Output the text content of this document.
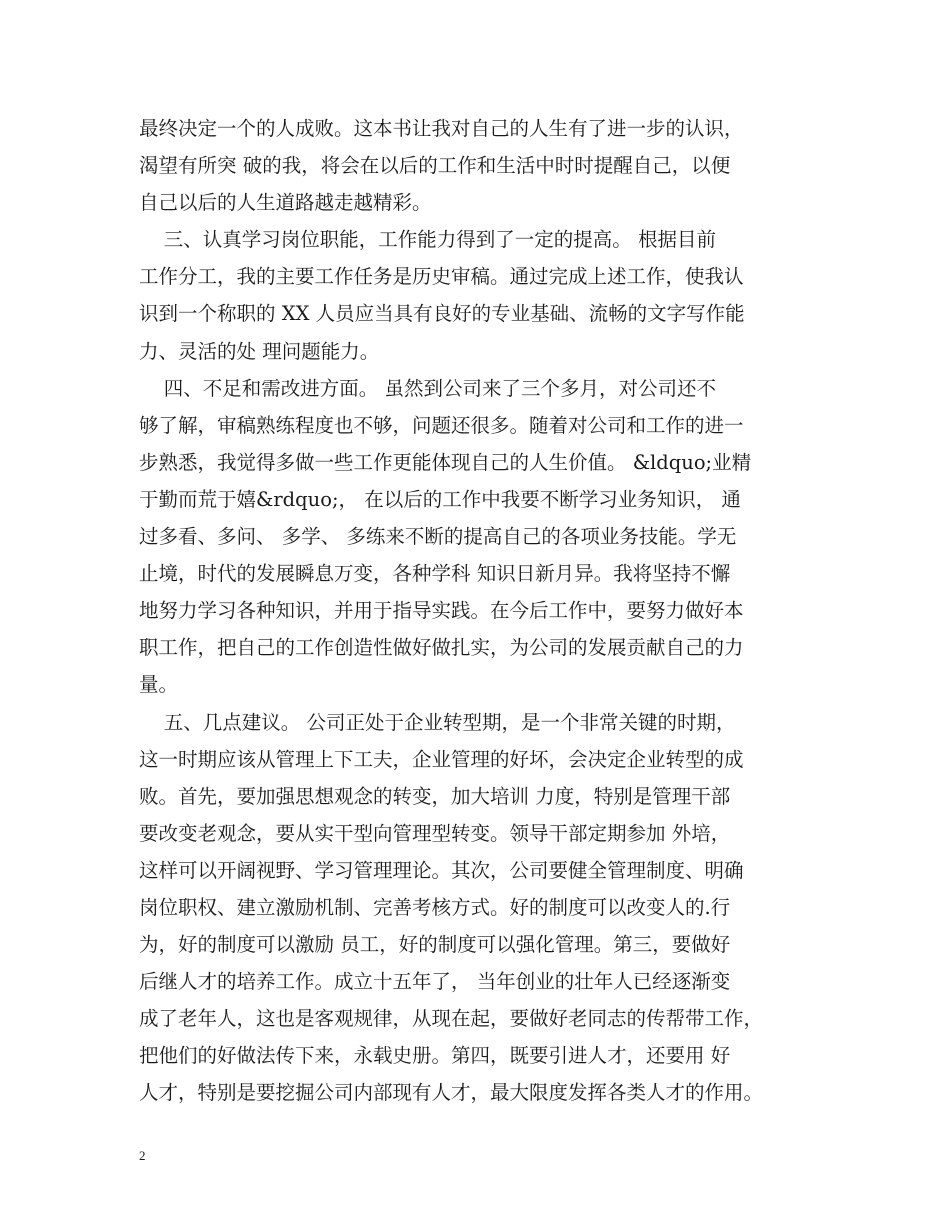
最终决定一个的人成败。这本书让我对自己的人生有了进一步的认识，
渴望有所突 破的我，将会在以后的工作和生活中时时提醒自己，以便
自己以后的人生道路越走越精彩。
三、认真学习岗位职能，工作能力得到了一定的提高。 根据目前
工作分工，我的主要工作任务是历史审稿。通过完成上述工作，使我认
识到一个称职的 XX 人员应当具有良好的专业基础、流畅的文字写作能
力、灵活的处 理问题能力。
四、不足和需改进方面。 虽然到公司来了三个多月，对公司还不
够了解，审稿熟练程度也不够，问题还很多。随着对公司和工作的进一
步熟悉，我觉得多做一些工作更能体现自己的人生价值。 &ldquo;业精
于勤而荒于嬉&rdquo;， 在以后的工作中我要不断学习业务知识， 通
过多看、多问、 多学、 多练来不断的提高自己的各项业务技能。学无
止境，时代的发展瞬息万变，各种学科 知识日新月异。我将坚持不懈
地努力学习各种知识，并用于指导实践。在今后工作中，要努力做好本
职工作，把自己的工作创造性做好做扎实，为公司的发展贡献自己的力
量。
五、几点建议。 公司正处于企业转型期，是一个非常关键的时期，
这一时期应该从管理上下工夫，企业管理的好坏，会决定企业转型的成
败。首先，要加强思想观念的转变，加大培训 力度，特别是管理干部
要改变老观念，要从实干型向管理型转变。领导干部定期参加 外培，
这样可以开阔视野、学习管理理论。其次，公司要健全管理制度、明确
岗位职权、建立激励机制、完善考核方式。好的制度可以改变人的.行
为，好的制度可以激励 员工，好的制度可以强化管理。第三，要做好
后继人才的培养工作。成立十五年了， 当年创业的壮年人已经逐渐变
成了老年人，这也是客观规律，从现在起，要做好老同志的传帮带工作，
把他们的好做法传下来，永载史册。第四，既要引进人才，还要用 好
人才，特别是要挖掘公司内部现有人才，最大限度发挥各类人才的作用。
2
